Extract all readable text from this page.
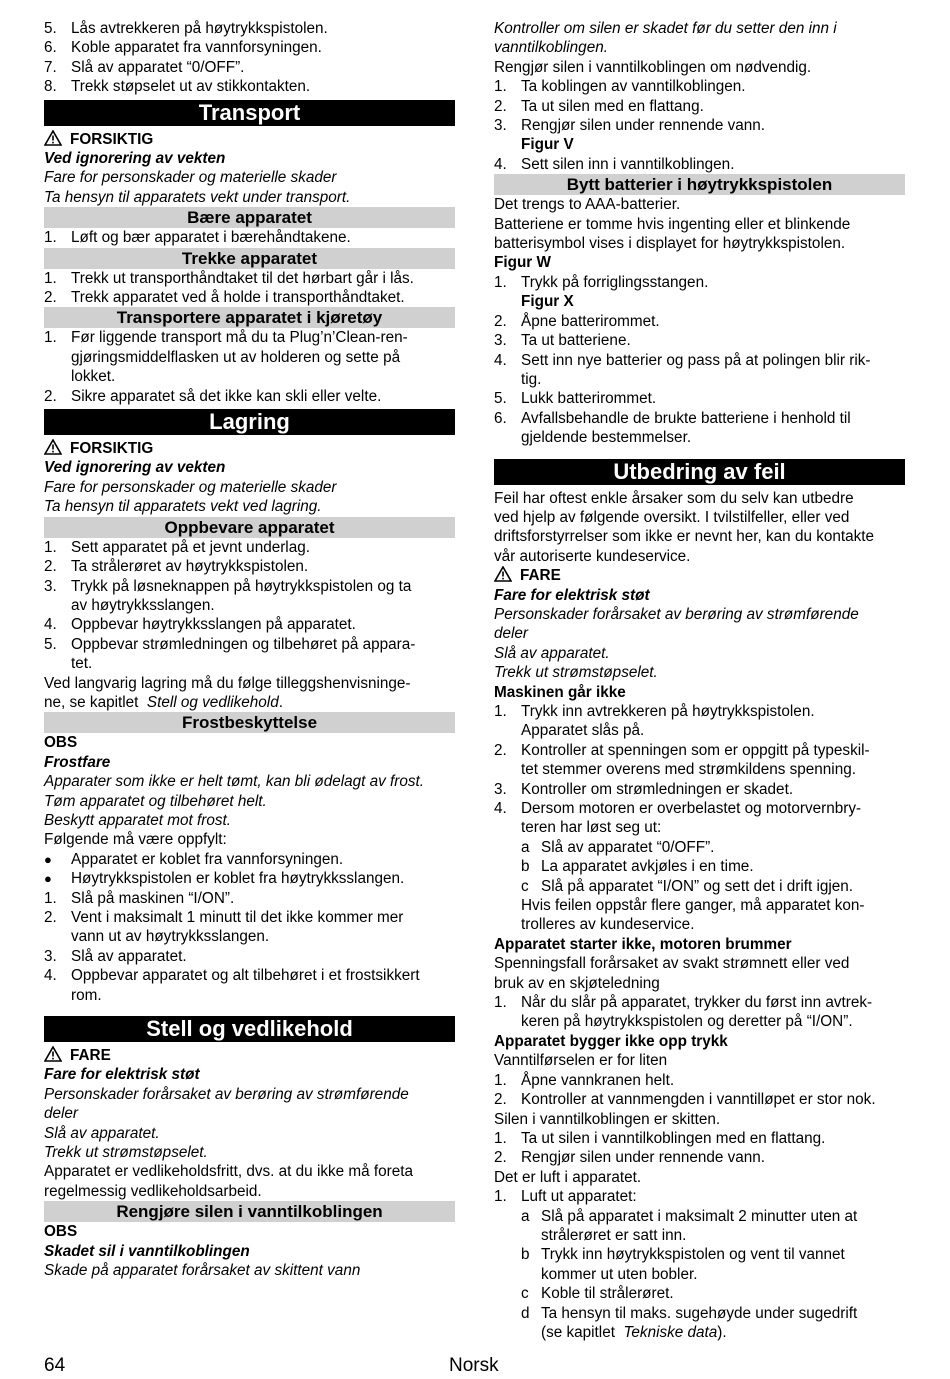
5. Lås avtrekkeren på høytrykkspistolen.
6. Koble apparatet fra vannforsyningen.
7. Slå av apparatet “0/OFF”.
8. Trekk støpselet ut av stikkontakten.
Transport
FORSIKTIG
Ved ignorering av vekten
Fare for personskader og materielle skader
Ta hensyn til apparatets vekt under transport.
Bære apparatet
1. Løft og bær apparatet i bærehåndtakene.
Trekke apparatet
1. Trekk ut transporthåndtaket til det hørbart går i lås.
2. Trekk apparatet ved å holde i transporthåndtaket.
Transportere apparatet i kjøretøy
1. Før liggende transport må du ta Plug’n’Clean-ren-
gjøringsmiddelflasken ut av holderen og sette på
lokket.
2. Sikre apparatet så det ikke kan skli eller velte.
Lagring
FORSIKTIG
Ved ignorering av vekten
Fare for personskader og materielle skader
Ta hensyn til apparatets vekt ved lagring.
Oppbevare apparatet
1. Sett apparatet på et jevnt underlag.
2. Ta strålerøret av høytrykkspistolen.
3. Trykk på løsneknappen på høytrykkspistolen og ta
av høytrykksslangen.
4. Oppbevar høytrykksslangen på apparatet.
5. Oppbevar strømledningen og tilbehøret på appara-
tet.
Ved langvarig lagring må du følge tilleggshenvisninge-
ne, se kapitlet Stell og vedlikehold.
Frostbeskyttelse
OBS
Frostfare
Apparater som ikke er helt tømt, kan bli ødelagt av frost.
Tøm apparatet og tilbehøret helt.
Beskytt apparatet mot frost.
Følgende må være oppfylt:
●	Apparatet er koblet fra vannforsyningen.
●	Høytrykkspistolen er koblet fra høytrykksslangen.
1. Slå på maskinen “I/ON”.
2. Vent i maksimalt 1 minutt til det ikke kommer mer
vann ut av høytrykksslangen.
3. Slå av apparatet.
4. Oppbevar apparatet og alt tilbehøret i et frostsikkert
rom.
Stell og vedlikehold
FARE
Fare for elektrisk støt
Personskader forårsaket av berøring av strømførende
deler
Slå av apparatet.
Trekk ut strømstøpselet.
Apparatet er vedlikeholdsfritt, dvs. at du ikke må foreta
regelmessig vedlikeholdsarbeid.
Rengjøre silen i vanntilkoblingen
OBS
Skadet sil i vanntilkoblingen
Skade på apparatet forårsaket av skittent vann
Kontroller om silen er skadet før du setter den inn i
vanntilkoblingen.
Rengjør silen i vanntilkoblingen om nødvendig.
1. Ta koblingen av vanntilkoblingen.
2. Ta ut silen med en flattang.
3. Rengjør silen under rennende vann.
Figur V
4. Sett silen inn i vanntilkoblingen.
Bytt batterier i høytrykkspistolen
Det trengs to AAA-batterier.
Batteriene er tomme hvis ingenting eller et blinkende
batterisymbol vises i displayet for høytrykkspistolen.
Figur W
1. Trykk på forriglingsstangen.
Figur X
2. Åpne batterirommet.
3. Ta ut batteriene.
4. Sett inn nye batterier og pass på at polingen blir rik-
tig.
5. Lukk batterirommet.
6. Avfallsbehandle de brukte batteriene i henhold til
gjeldende bestemmelser.
Utbedring av feil
Feil har oftest enkle årsaker som du selv kan utbedre
ved hjelp av følgende oversikt. I tvilstilfeller, eller ved
driftsforstyrrelser som ikke er nevnt her, kan du kontakte
vår autoriserte kundeservice.
FARE
Fare for elektrisk støt
Personskader forårsaket av berøring av strømførende
deler
Slå av apparatet.
Trekk ut strømstøpselet.
Maskinen går ikke
1. Trykk inn avtrekkeren på høytrykkspistolen.
Apparatet slås på.
2. Kontroller at spenningen som er oppgitt på typeskil-
tet stemmer overens med strømkildens spenning.
3. Kontroller om strømledningen er skadet.
4. Dersom motoren er overbelastet og motorvernbry-
teren har løst seg ut:
a Slå av apparatet “0/OFF”.
b La apparatet avkjøles i en time.
c Slå på apparatet “I/ON” og sett det i drift igjen.
Hvis feilen oppstår flere ganger, må apparatet kon-
trolleres av kundeservice.
Apparatet starter ikke, motoren brummer
Spenningsfall forårsaket av svakt strømnett eller ved
bruk av en skjøteledning
1. Når du slår på apparatet, trykker du først inn avtrek-
keren på høytrykkspistolen og deretter på “I/ON”.
Apparatet bygger ikke opp trykk
Vanntilførselen er for liten
1. Åpne vannkranen helt.
2. Kontroller at vannmengden i vanntilløpet er stor nok.
Silen i vanntilkoblingen er skitten.
1. Ta ut silen i vanntilkoblingen med en flattang.
2. Rengjør silen under rennende vann.
Det er luft i apparatet.
1. Luft ut apparatet:
a Slå på apparatet i maksimalt 2 minutter uten at
strålerøret er satt inn.
b Trykk inn høytrykkspistolen og vent til vannet
kommer ut uten bobler.
c Koble til strålerøret.
d Ta hensyn til maks. sugehøyde under sugedrift
(se kapitlet Tekniske data).
64	Norsk
